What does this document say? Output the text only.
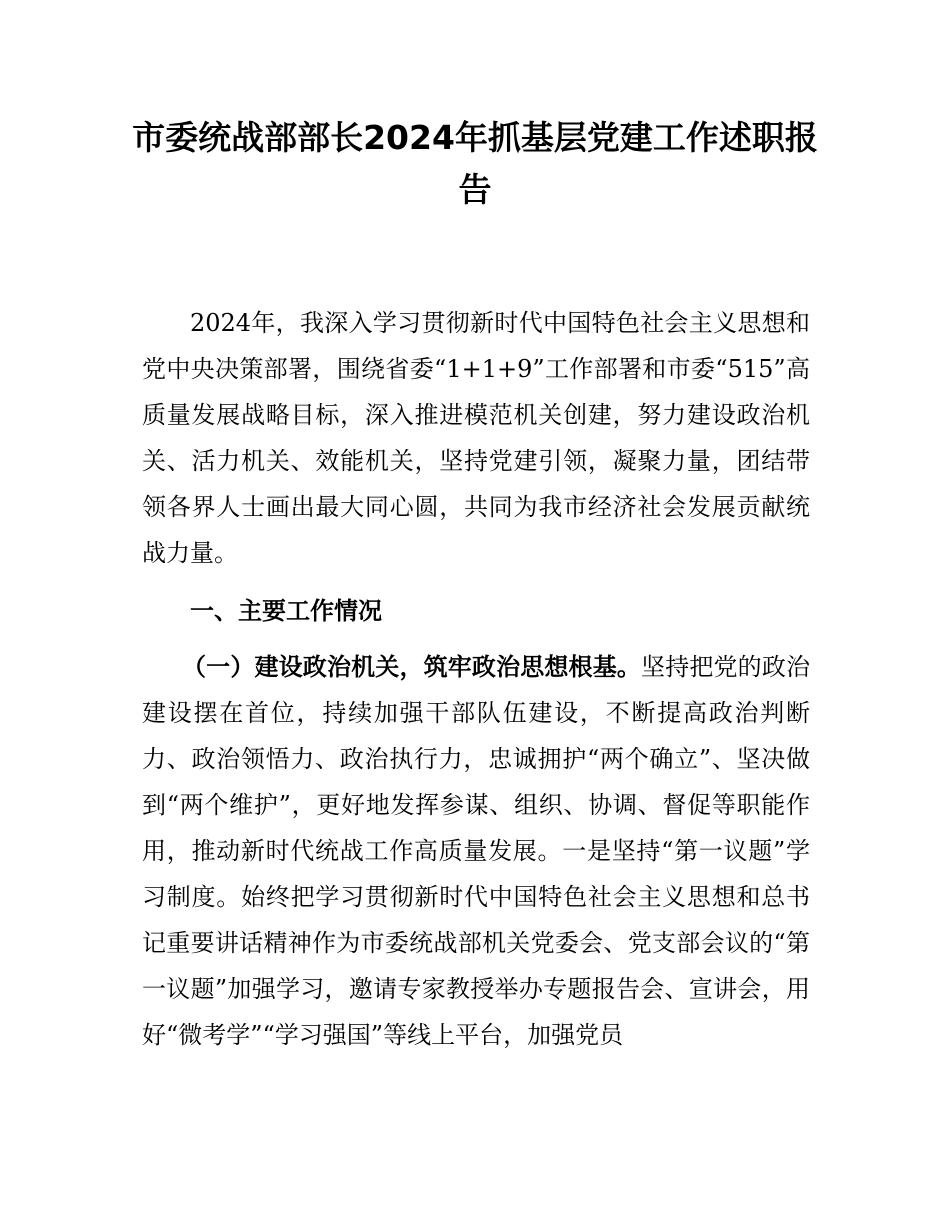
市委统战部部长2024年抓基层党建工作述职报告

2024年，我深入学习贯彻新时代中国特色社会主义思想和党中央决策部署，围绕省委“1+1+9”工作部署和市委“515”高质量发展战略目标，深入推进模范机关创建，努力建设政治机关、活力机关、效能机关，坚持党建引领，凝聚力量，团结带领各界人士画出最大同心圆，共同为我市经济社会发展贡献统战力量。

一、主要工作情况

（一）建设政治机关，筑牢政治思想根基。坚持把党的政治建设摆在首位，持续加强干部队伍建设，不断提高政治判断力、政治领悟力、政治执行力，忠诚拥护“两个确立”、坚决做到“两个维护”，更好地发挥参谋、组织、协调、督促等职能作用，推动新时代统战工作高质量发展。一是坚持“第一议题”学习制度。始终把学习贯彻新时代中国特色社会主义思想和总书记重要讲话精神作为市委统战部机关党委会、党支部会议的“第一议题”加强学习，邀请专家教授举办专题报告会、宣讲会，用好“微考学”“学习强国”等线上平台，加强党员
